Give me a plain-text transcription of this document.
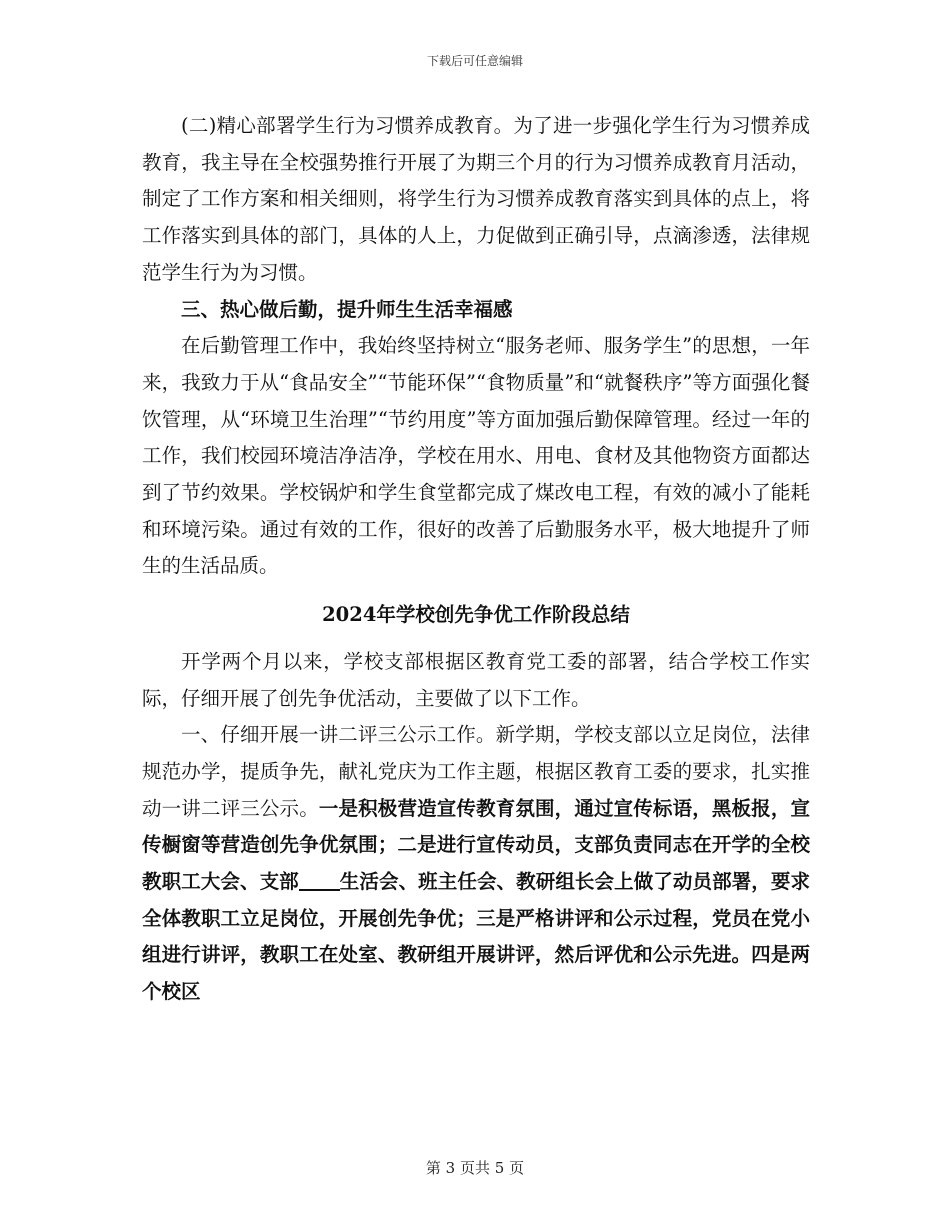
下载后可任意编辑

(二)精心部署学生行为习惯养成教育。为了进一步强化学生行为习惯养成教育，我主导在全校强势推行开展了为期三个月的行为习惯养成教育月活动，制定了工作方案和相关细则，将学生行为习惯养成教育落实到具体的点上，将工作落实到具体的部门，具体的人上，力促做到正确引导，点滴渗透，法律规范学生行为为习惯。

三、热心做后勤，提升师生生活幸福感

在后勤管理工作中，我始终坚持树立“服务老师、服务学生”的思想，一年来，我致力于从“食品安全”“节能环保”“食物质量”和“就餐秩序”等方面强化餐饮管理，从“环境卫生治理”“节约用度”等方面加强后勤保障管理。经过一年的工作，我们校园环境洁净洁净，学校在用水、用电、食材及其他物资方面都达到了节约效果。学校锅炉和学生食堂都完成了煤改电工程，有效的减小了能耗和环境污染。通过有效的工作，很好的改善了后勤服务水平，极大地提升了师生的生活品质。

2024年学校创先争优工作阶段总结

开学两个月以来，学校支部根据区教育党工委的部署，结合学校工作实际，仔细开展了创先争优活动，主要做了以下工作。

一、仔细开展一讲二评三公示工作。新学期，学校支部以立足岗位，法律规范办学，提质争先，献礼党庆为工作主题，根据区教育工委的要求，扎实推动一讲二评三公示。一是积极营造宣传教育氛围，通过宣传标语，黑板报，宣传橱窗等营造创先争优氛围；二是进行宣传动员，支部负责同志在开学的全校教职工大会、支部 生活会、班主任会、教研组长会上做了动员部署，要求全体教职工立足岗位，开展创先争优；三是严格讲评和公示过程，党员在党小组进行讲评，教职工在处室、教研组开展讲评，然后评优和公示先进。四是两个校区

第 3 页共 5 页
